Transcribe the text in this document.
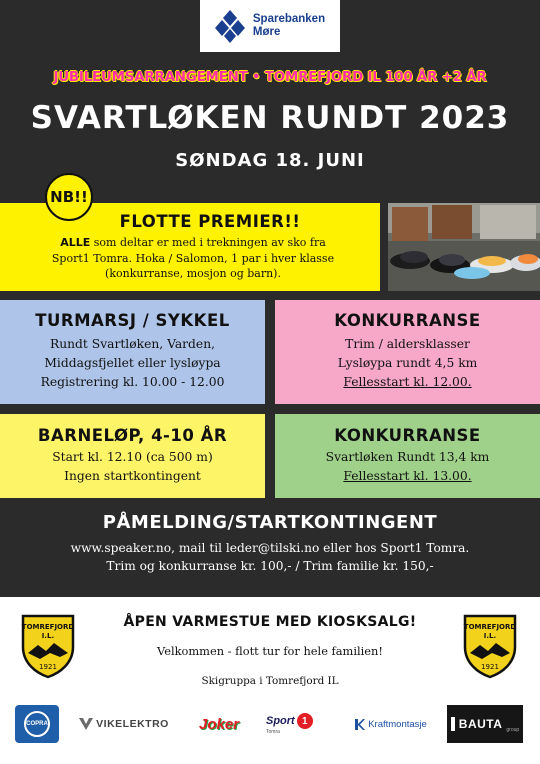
Sparebanken
Møre
JUBILEUMSARRANGEMENT • TOMREFJORD IL 100 ÅR +2 ÅR
SVARTLØKEN RUNDT 2023
SØNDAG 18. JUNI
NB!!
FLOTTE PREMIER!!
ALLE som deltar er med i trekningen av sko fra
Sport1 Tomra. Hoka / Salomon, 1 par i hver klasse
(konkurranse, mosjon og barn).
TURMARSJ / SYKKEL
Rundt Svartløken, Varden,
Middagsfjellet eller lysløypa
Registrering kl. 10.00 - 12.00
KONKURRANSE
Trim / aldersklasser
Lysløypa rundt 4,5 km
Fellesstart kl. 12.00.
BARNELØP, 4-10 ÅR
Start kl. 12.10 (ca 500 m)
Ingen startkontingent
KONKURRANSE
Svartløken Rundt 13,4 km
Fellesstart kl. 13.00.
PÅMELDING/STARTKONTINGENT
www.speaker.no, mail til leder@tilski.no eller hos Sport1 Tomra.
Trim og konkurranse kr. 100,- / Trim familie kr. 150,-
TOMREFJORD
I.L.
1921
ÅPEN VARMESTUE MED KIOSKSALG!
Velkommen - flott tur for hele familien!
Skigruppa i Tomrefjord IL
TOMREFJORD
I.L.
1921
COPRA	VIKELEKTRO Joker Sport 1
Tomra
Kraftmontasje	BAUTA group
